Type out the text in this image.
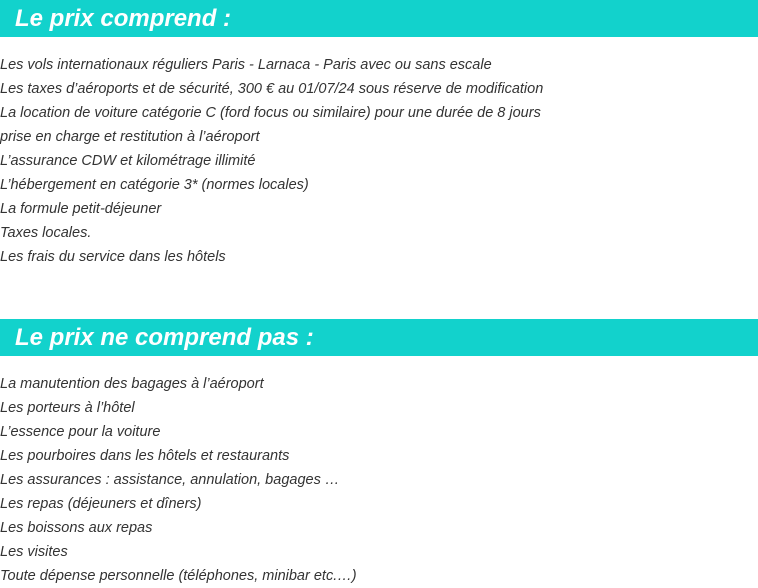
Le prix comprend :
Les vols internationaux réguliers Paris - Larnaca - Paris avec ou sans escale
Les taxes d’aéroports et de sécurité, 300 € au 01/07/24 sous réserve de modification
La location de voiture catégorie C (ford focus ou similaire) pour une durée de 8 jours
prise en charge et restitution à l’aéroport
L’assurance CDW et kilométrage illimité
L’hébergement en catégorie 3* (normes locales)
La formule petit-déjeuner
Taxes locales.
Les frais du service dans les hôtels
Le prix ne comprend pas :
La manutention des bagages à l’aéroport
Les porteurs à l’hôtel
L’essence pour la voiture
Les pourboires dans les hôtels et restaurants
Les assurances : assistance, annulation, bagages …
Les repas (déjeuners et dîners)
Les boissons aux repas
Les visites
Toute dépense personnelle (téléphones, minibar etc.…)
